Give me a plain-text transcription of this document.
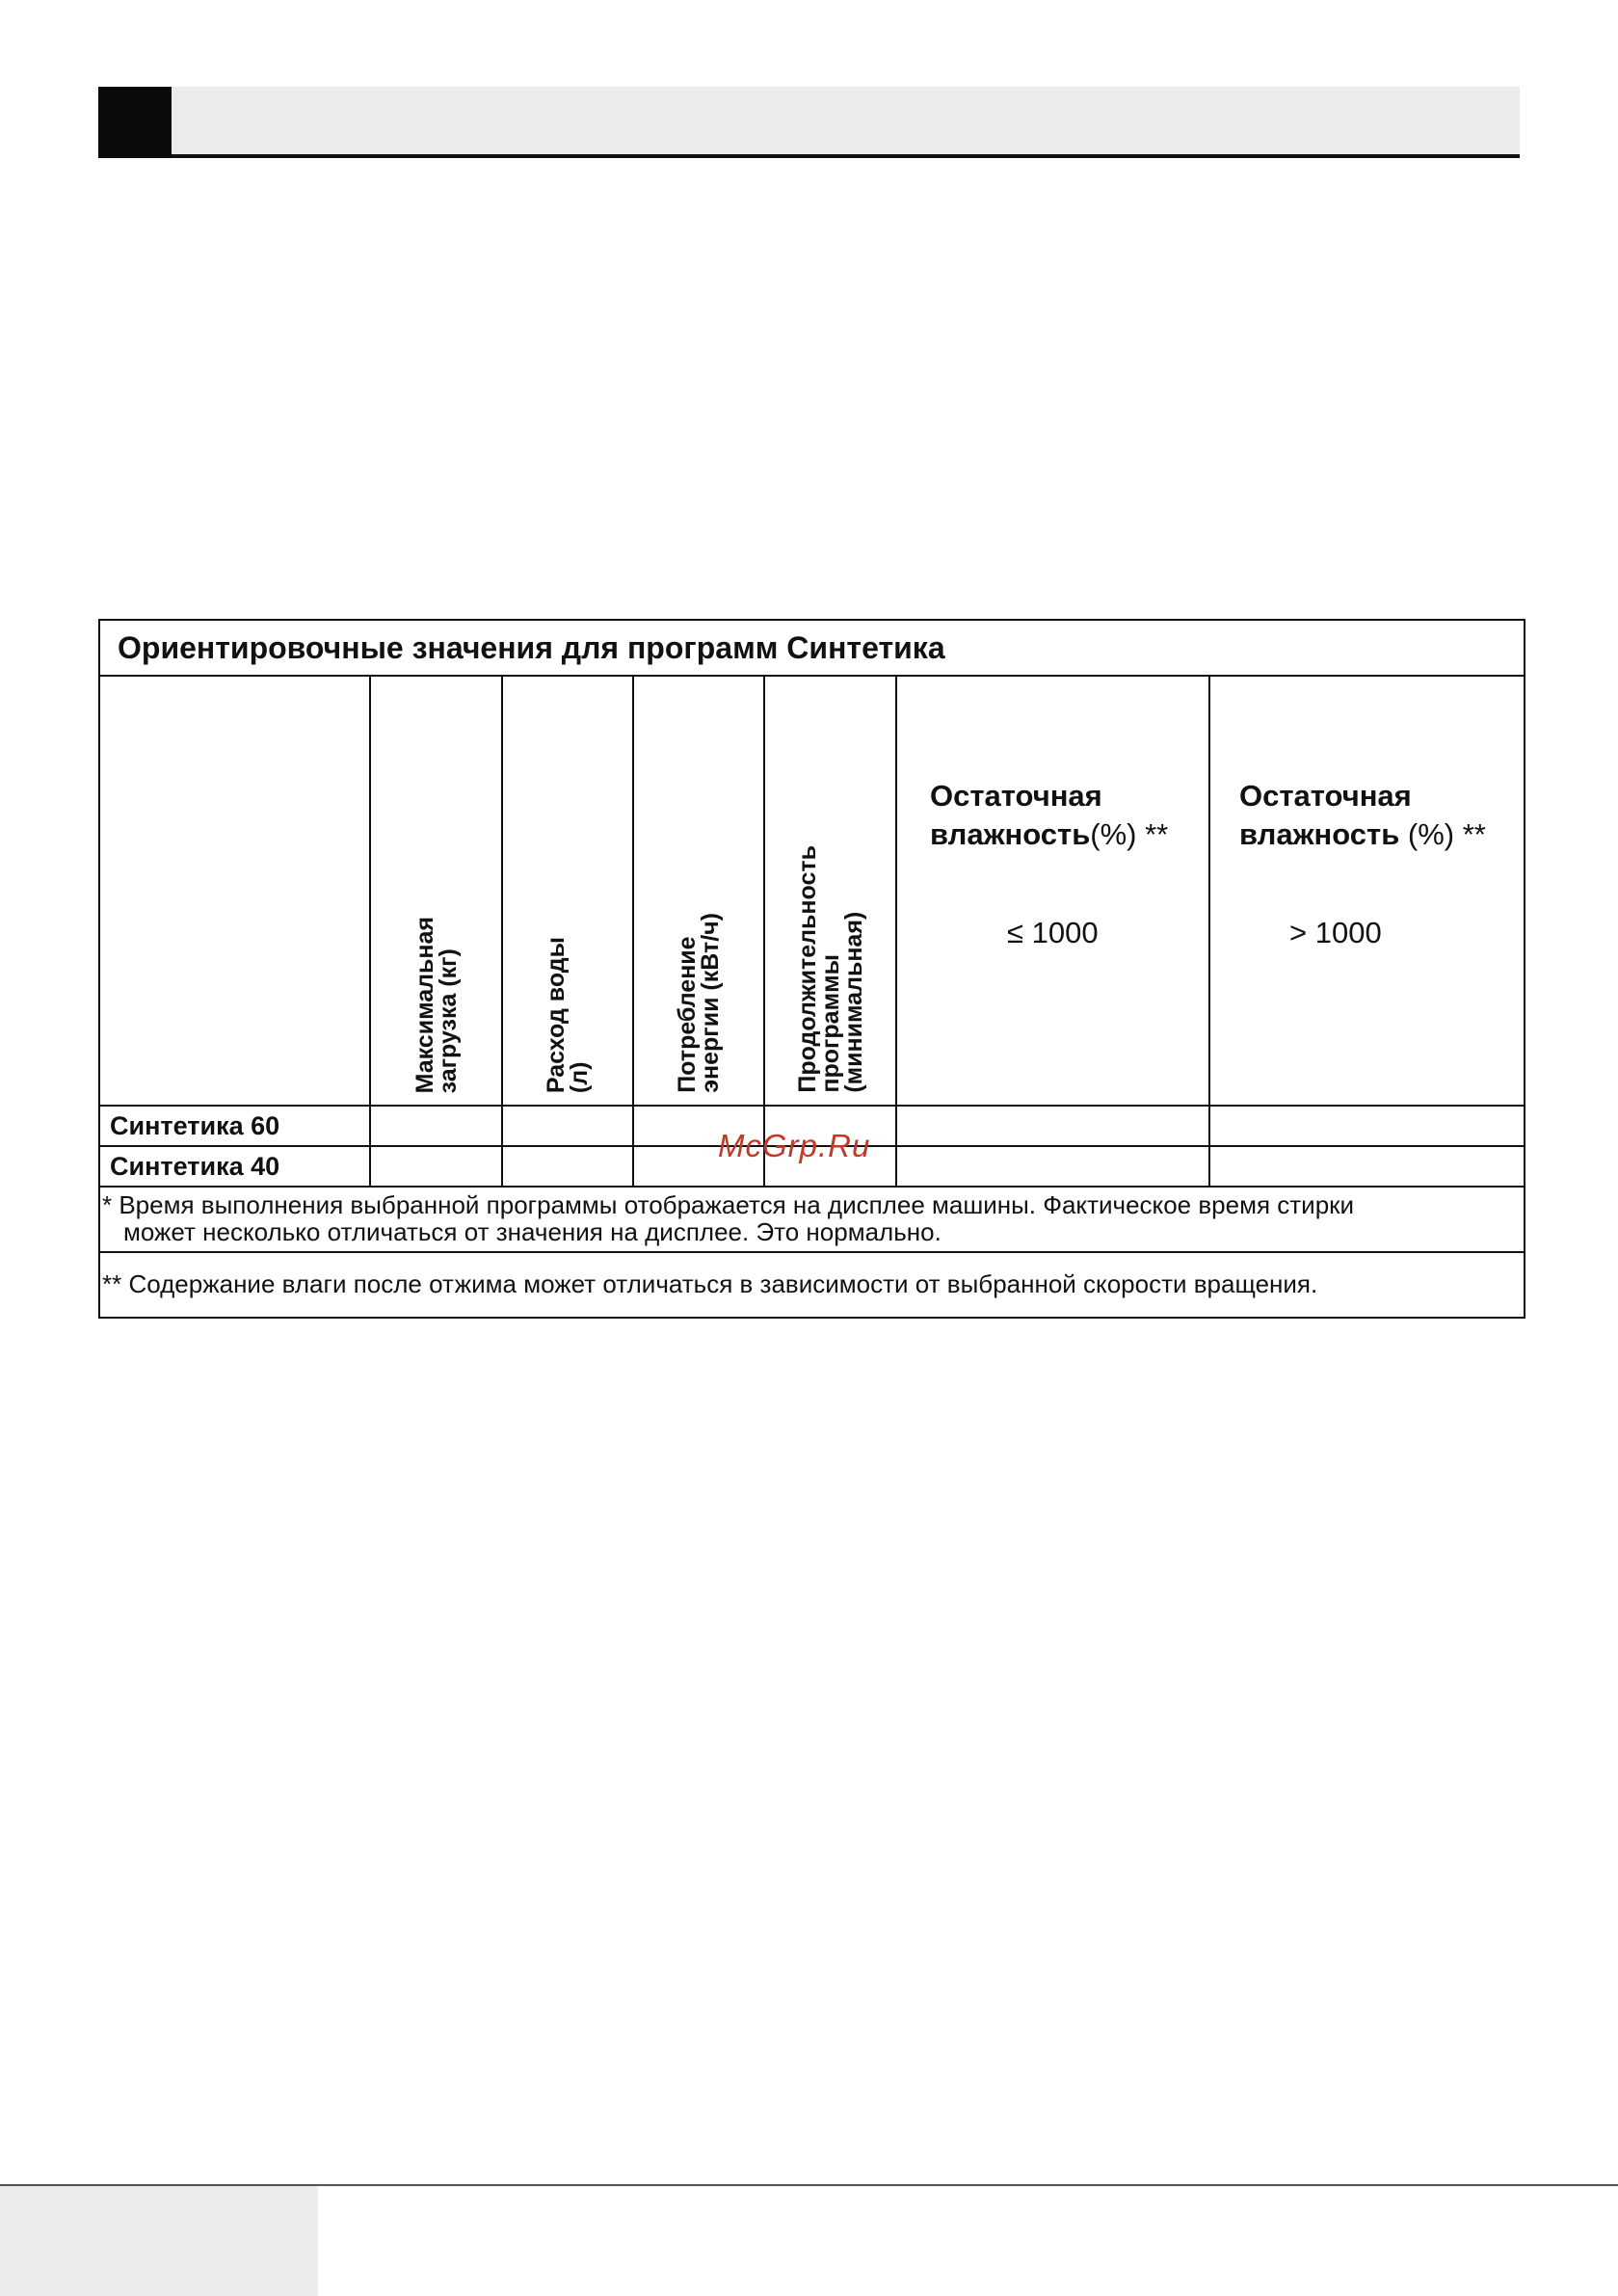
Ориентировочные значения для программ Синтетика						

	Максимальная
загрузка (кг)	Расход воды
(л)	Потребление
энергии (кВт/ч)	Продолжительность
программы
(минимальная)	Остаточная
влажность(%) **
≤ 1000	Остаточная
влажность (%) **
> 1000

Синтетика 60						
Синтетика 40						
* Время выполнения выбранной программы отображается на дисплее машины. Фактическое время стирки
может несколько отличаться от значения на дисплее. Это нормально.						

** Содержание влаги после отжима может отличаться в зависимости от выбранной скорости вращения.						
McGrp.Ru
